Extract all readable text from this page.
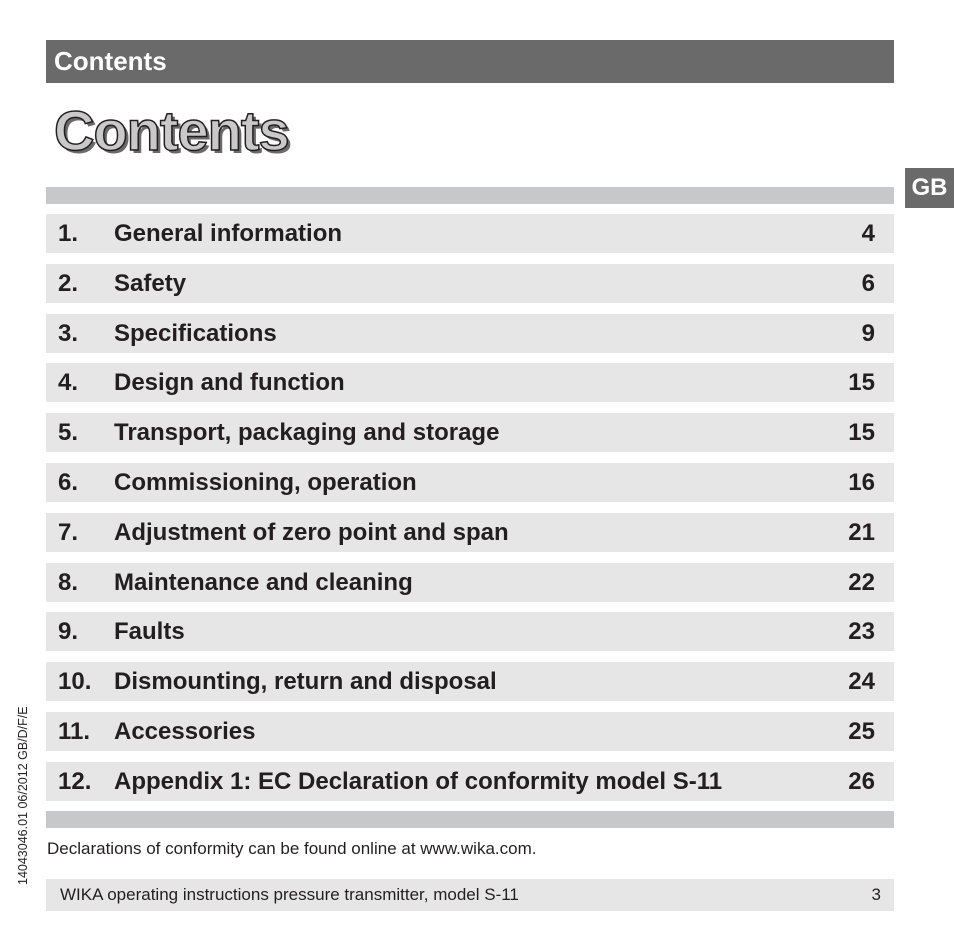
Contents
Contents
GB
1. General information	4
2. Safety	6
3. Specifications	9
4. Design and function	15
5. Transport, packaging and storage	15
6. Commissioning, operation	16
7. Adjustment of zero point and span	21
8. Maintenance and cleaning	22
9. Faults	23
10. Dismounting, return and disposal	24
11. Accessories	25
12. Appendix 1: EC Declaration of conformity model S-11	26
Declarations of conformity can be found online at www.wika.com.
WIKA operating instructions pressure transmitter, model S-11	3
14043046.01 06/2012 GB/D/F/E
